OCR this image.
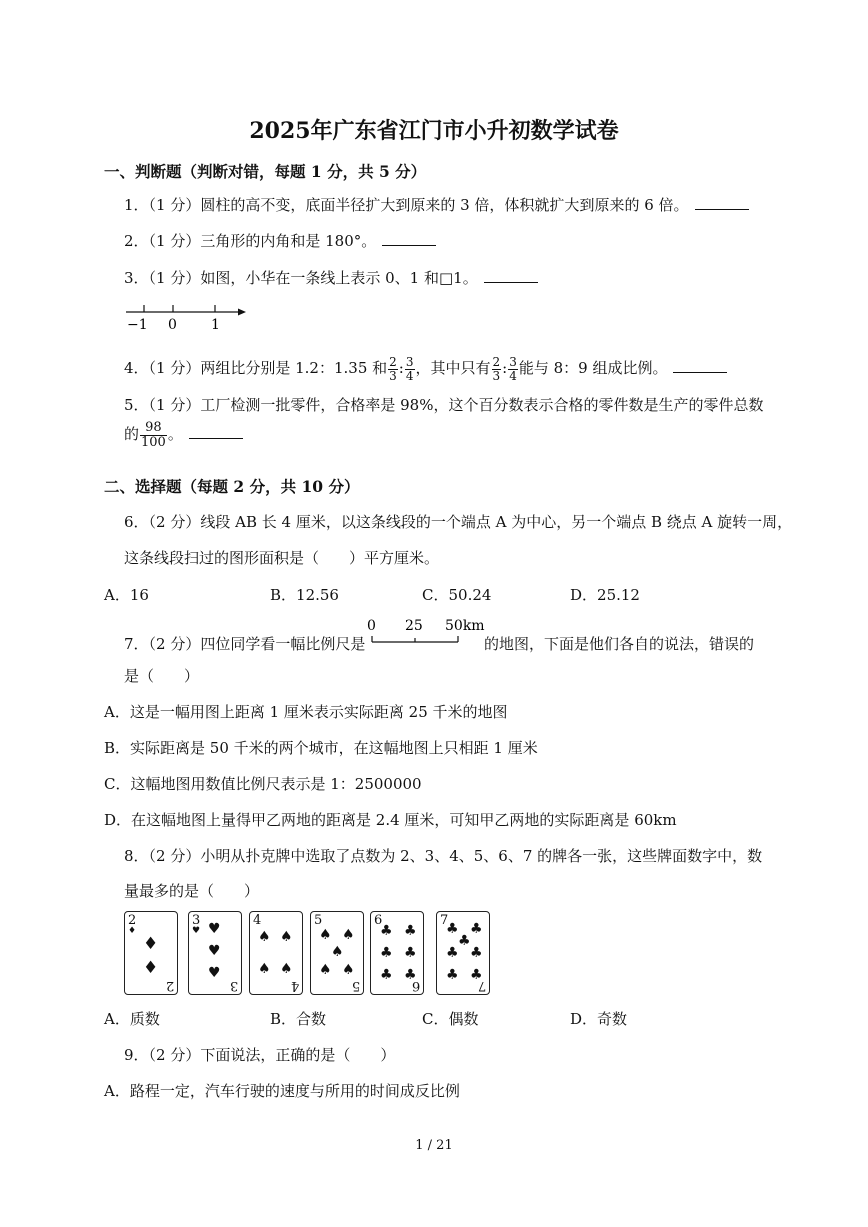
2025年广东省江门市小升初数学试卷
一、判断题（判断对错，每题 1 分，共 5 分）
1．（1 分）圆柱的高不变，底面半径扩大到原来的 3 倍，体积就扩大到原来的 6 倍。
2．（1 分）三角形的内角和是 180°。
3．（1 分）如图，小华在一条线上表示 0、1 和□1。
−1 0 1
4．（1 分）两组比分别是 1.2：1.35 和 $\frac{2}{3}$ : $\frac{3}{4}$ ，其中只有 $\frac{2}{3}$ : $\frac{3}{4}$ 能与 8：9 组成比例。
5．（1 分）工厂检测一批零件，合格率是 98%，这个百分数表示合格的零件数是生产的零件总数
的 $\frac{98}{100}$ 。
二、选择题（每题 2 分，共 10 分）
6．（2 分）线段 AB 长 4 厘米，以这条线段的一个端点 A 为中心，另一个端点 B 绕点 A 旋转一周，
这条线段扫过的图形面积是（　　）平方厘米。
A．16	B．12.56	C．50.24	D．25.12
7．（2 分）四位同学看一幅比例尺是
0 25 50km
的地图，下面是他们各自的说法，错误的
是（　　）
A．这是一幅用图上距离 1 厘米表示实际距离 25 千米的地图
B．实际距离是 50 千米的两个城市，在这幅地图上只相距 1 厘米
C．这幅地图用数值比例尺表示是 1：2500000
D．在这幅地图上量得甲乙两地的距离是 2.4 厘米，可知甲乙两地的实际距离是 60km
8．（2 分）小明从扑克牌中选取了点数为 2、3、4、5、6、7 的牌各一张，这些牌面数字中，数
量最多的是（　　）
2
♦
♦
♦
2
3
♥ ♥
♥
♥
3
4
♠ ♠
♠ ♠
4
5
♠ ♠
♠
♠ ♠
5
6
♣ ♣
♣ ♣
♣ ♣
6
7
♣ ♣
♣
♣ ♣
♣ ♣
7
A．质数	B．合数	C．偶数	D．奇数
9．（2 分）下面说法，正确的是（　　）
A．路程一定，汽车行驶的速度与所用的时间成反比例
1 / 21
